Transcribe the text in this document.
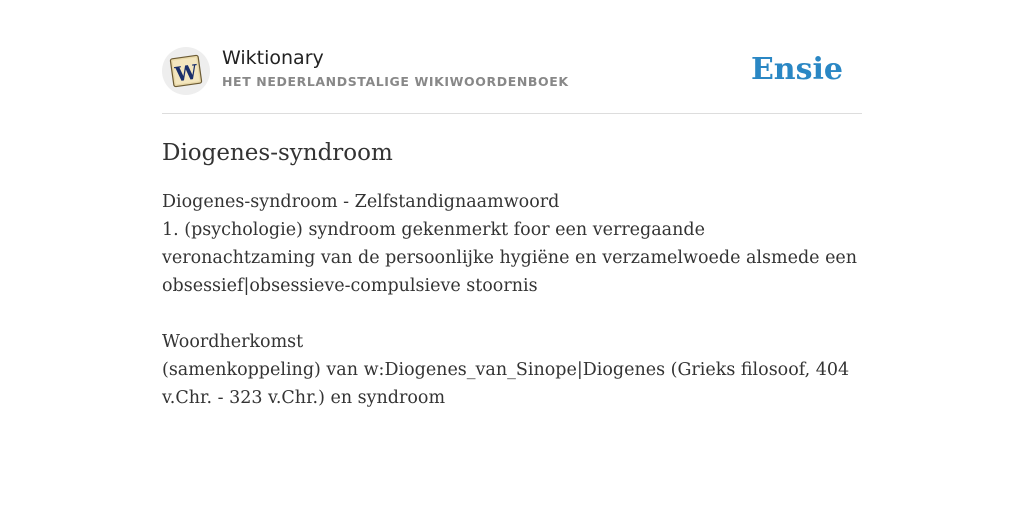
W
Wiktionary
HET NEDERLANDSTALIGE WIKIWOORDENBOEK	Ensie
Diogenes-syndroom

Diogenes-syndroom - Zelfstandignaamwoord

1. (psychologie) syndroom gekenmerkt foor een verregaande veronachtzaming van de persoonlijke hygiëne en verzamelwoede alsmede een obsessief|obsessieve-compulsieve stoornis

Woordherkomst

(samenkoppeling) van w:Diogenes_van_Sinope|Diogenes (Grieks filosoof, 404 v.Chr. - 323 v.Chr.) en syndroom
